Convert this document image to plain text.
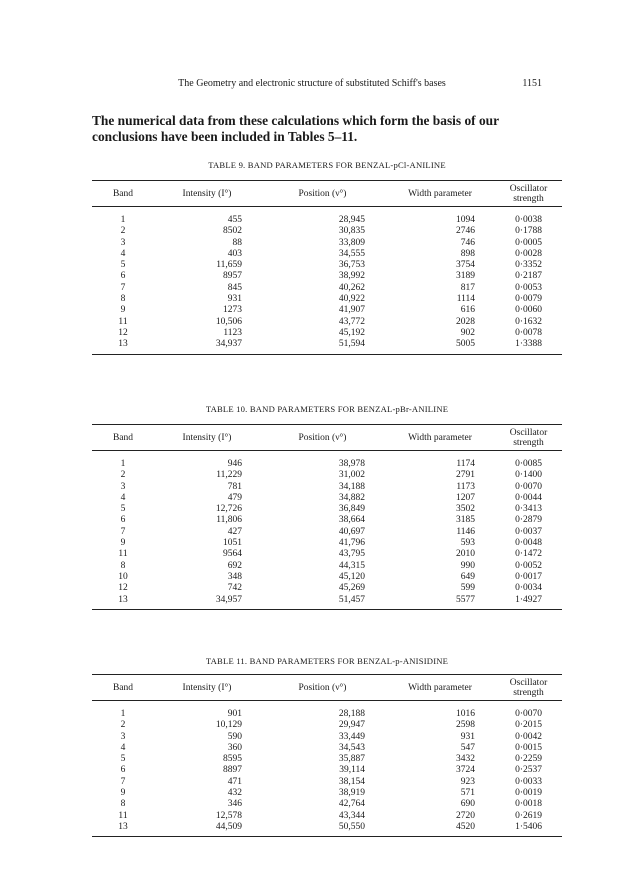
The Geometry and electronic structure of substituted Schiff's bases	1151
The numerical data from these calculations which form the basis of our conclusions have been included in Tables 5–11.
TABLE 9. BAND PARAMETERS FOR BENZAL-pCl-ANILINE
Band	Intensity (I°)	Position (ν°)	Width parameter	Oscillator strength
1	455	28,945	1094	0·0038
2	8502	30,835	2746	0·1788
3	88	33,809	746	0·0005
4	403	34,555	898	0·0028
5	11,659	36,753	3754	0·3352
6	8957	38,992	3189	0·2187
7	845	40,262	817	0·0053
8	931	40,922	1114	0·0079
9	1273	41,907	616	0·0060
11	10,506	43,772	2028	0·1632
12	1123	45,192	902	0·0078
13	34,937	51,594	5005	1·3388
TABLE 10. BAND PARAMETERS FOR BENZAL-pBr-ANILINE
Band	Intensity (I°)	Position (ν°)	Width parameter	Oscillator strength
1	946	38,978	1174	0·0085
2	11,229	31,002	2791	0·1400
3	781	34,188	1173	0·0070
4	479	34,882	1207	0·0044
5	12,726	36,849	3502	0·3413
6	11,806	38,664	3185	0·2879
7	427	40,697	1146	0·0037
9	1051	41,796	593	0·0048
11	9564	43,795	2010	0·1472
8	692	44,315	990	0·0052
10	348	45,120	649	0·0017
12	742	45,269	599	0·0034
13	34,957	51,457	5577	1·4927
TABLE 11. BAND PARAMETERS FOR BENZAL-p-ANISIDINE
Band	Intensity (I°)	Position (ν°)	Width parameter	Oscillator strength
1	901	28,188	1016	0·0070
2	10,129	29,947	2598	0·2015
3	590	33,449	931	0·0042
4	360	34,543	547	0·0015
5	8595	35,887	3432	0·2259
6	8897	39,114	3724	0·2537
7	471	38,154	923	0·0033
9	432	38,919	571	0·0019
8	346	42,764	690	0·0018
11	12,578	43,344	2720	0·2619
13	44,509	50,550	4520	1·5406
